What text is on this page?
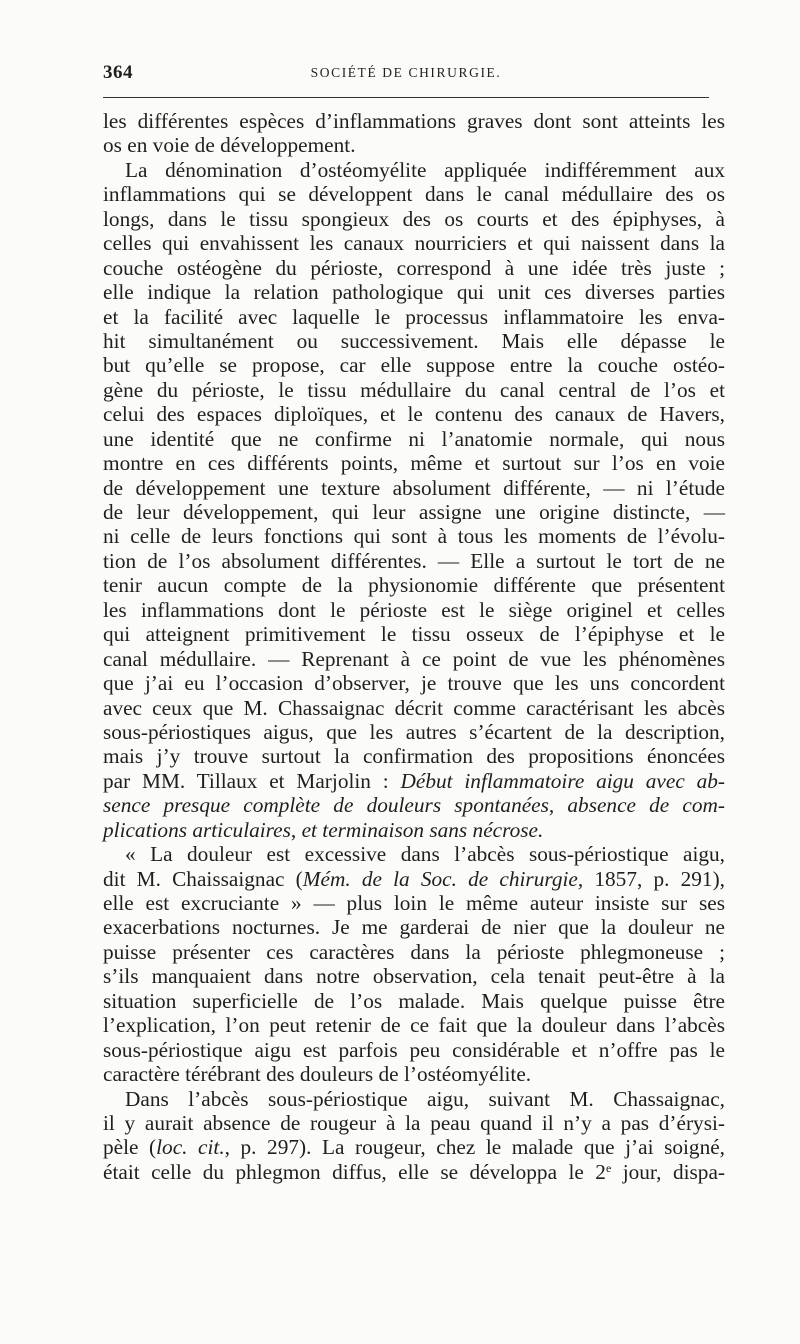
364	SOCIÉTÉ DE CHIRURGIE.
les différentes espèces d’inflammations graves dont sont atteints les
os en voie de développement.
La dénomination d’ostéomyélite appliquée indifféremment aux
inflammations qui se développent dans le canal médullaire des os
longs, dans le tissu spongieux des os courts et des épiphyses, à
celles qui envahissent les canaux nourriciers et qui naissent dans la
couche ostéogène du périoste, correspond à une idée très juste ;
elle indique la relation pathologique qui unit ces diverses parties
et la facilité avec laquelle le processus inflammatoire les enva-
hit simultanément ou successivement. Mais elle dépasse le
but qu’elle se propose, car elle suppose entre la couche ostéo-
gène du périoste, le tissu médullaire du canal central de l’os et
celui des espaces diploïques, et le contenu des canaux de Havers,
une identité que ne confirme ni l’anatomie normale, qui nous
montre en ces différents points, même et surtout sur l’os en voie
de développement une texture absolument différente, — ni l’étude
de leur développement, qui leur assigne une origine distincte, —
ni celle de leurs fonctions qui sont à tous les moments de l’évolu-
tion de l’os absolument différentes. — Elle a surtout le tort de ne
tenir aucun compte de la physionomie différente que présentent
les inflammations dont le périoste est le siège originel et celles
qui atteignent primitivement le tissu osseux de l’épiphyse et le
canal médullaire. — Reprenant à ce point de vue les phénomènes
que j’ai eu l’occasion d’observer, je trouve que les uns concordent
avec ceux que M. Chassaignac décrit comme caractérisant les abcès
sous-périostiques aigus, que les autres s’écartent de la description,
mais j’y trouve surtout la confirmation des propositions énoncées
par MM. Tillaux et Marjolin : Début inflammatoire aigu avec ab-
sence presque complète de douleurs spontanées, absence de com-
plications articulaires, et terminaison sans nécrose.
« La douleur est excessive dans l’abcès sous-périostique aigu,
dit M. Chaissaignac (Mém. de la Soc. de chirurgie, 1857, p. 291),
elle est excruciante » — plus loin le même auteur insiste sur ses
exacerbations nocturnes. Je me garderai de nier que la douleur ne
puisse présenter ces caractères dans la périoste phlegmoneuse ;
s’ils manquaient dans notre observation, cela tenait peut-être à la
situation superficielle de l’os malade. Mais quelque puisse être
l’explication, l’on peut retenir de ce fait que la douleur dans l’abcès
sous-périostique aigu est parfois peu considérable et n’offre pas le
caractère térébrant des douleurs de l’ostéomyélite.
Dans l’abcès sous-périostique aigu, suivant M. Chassaignac,
il y aurait absence de rougeur à la peau quand il n’y a pas d’érysi-
pèle (loc. cit., p. 297). La rougeur, chez le malade que j’ai soigné,
était celle du phlegmon diffus, elle se développa le 2e jour, dispa-
